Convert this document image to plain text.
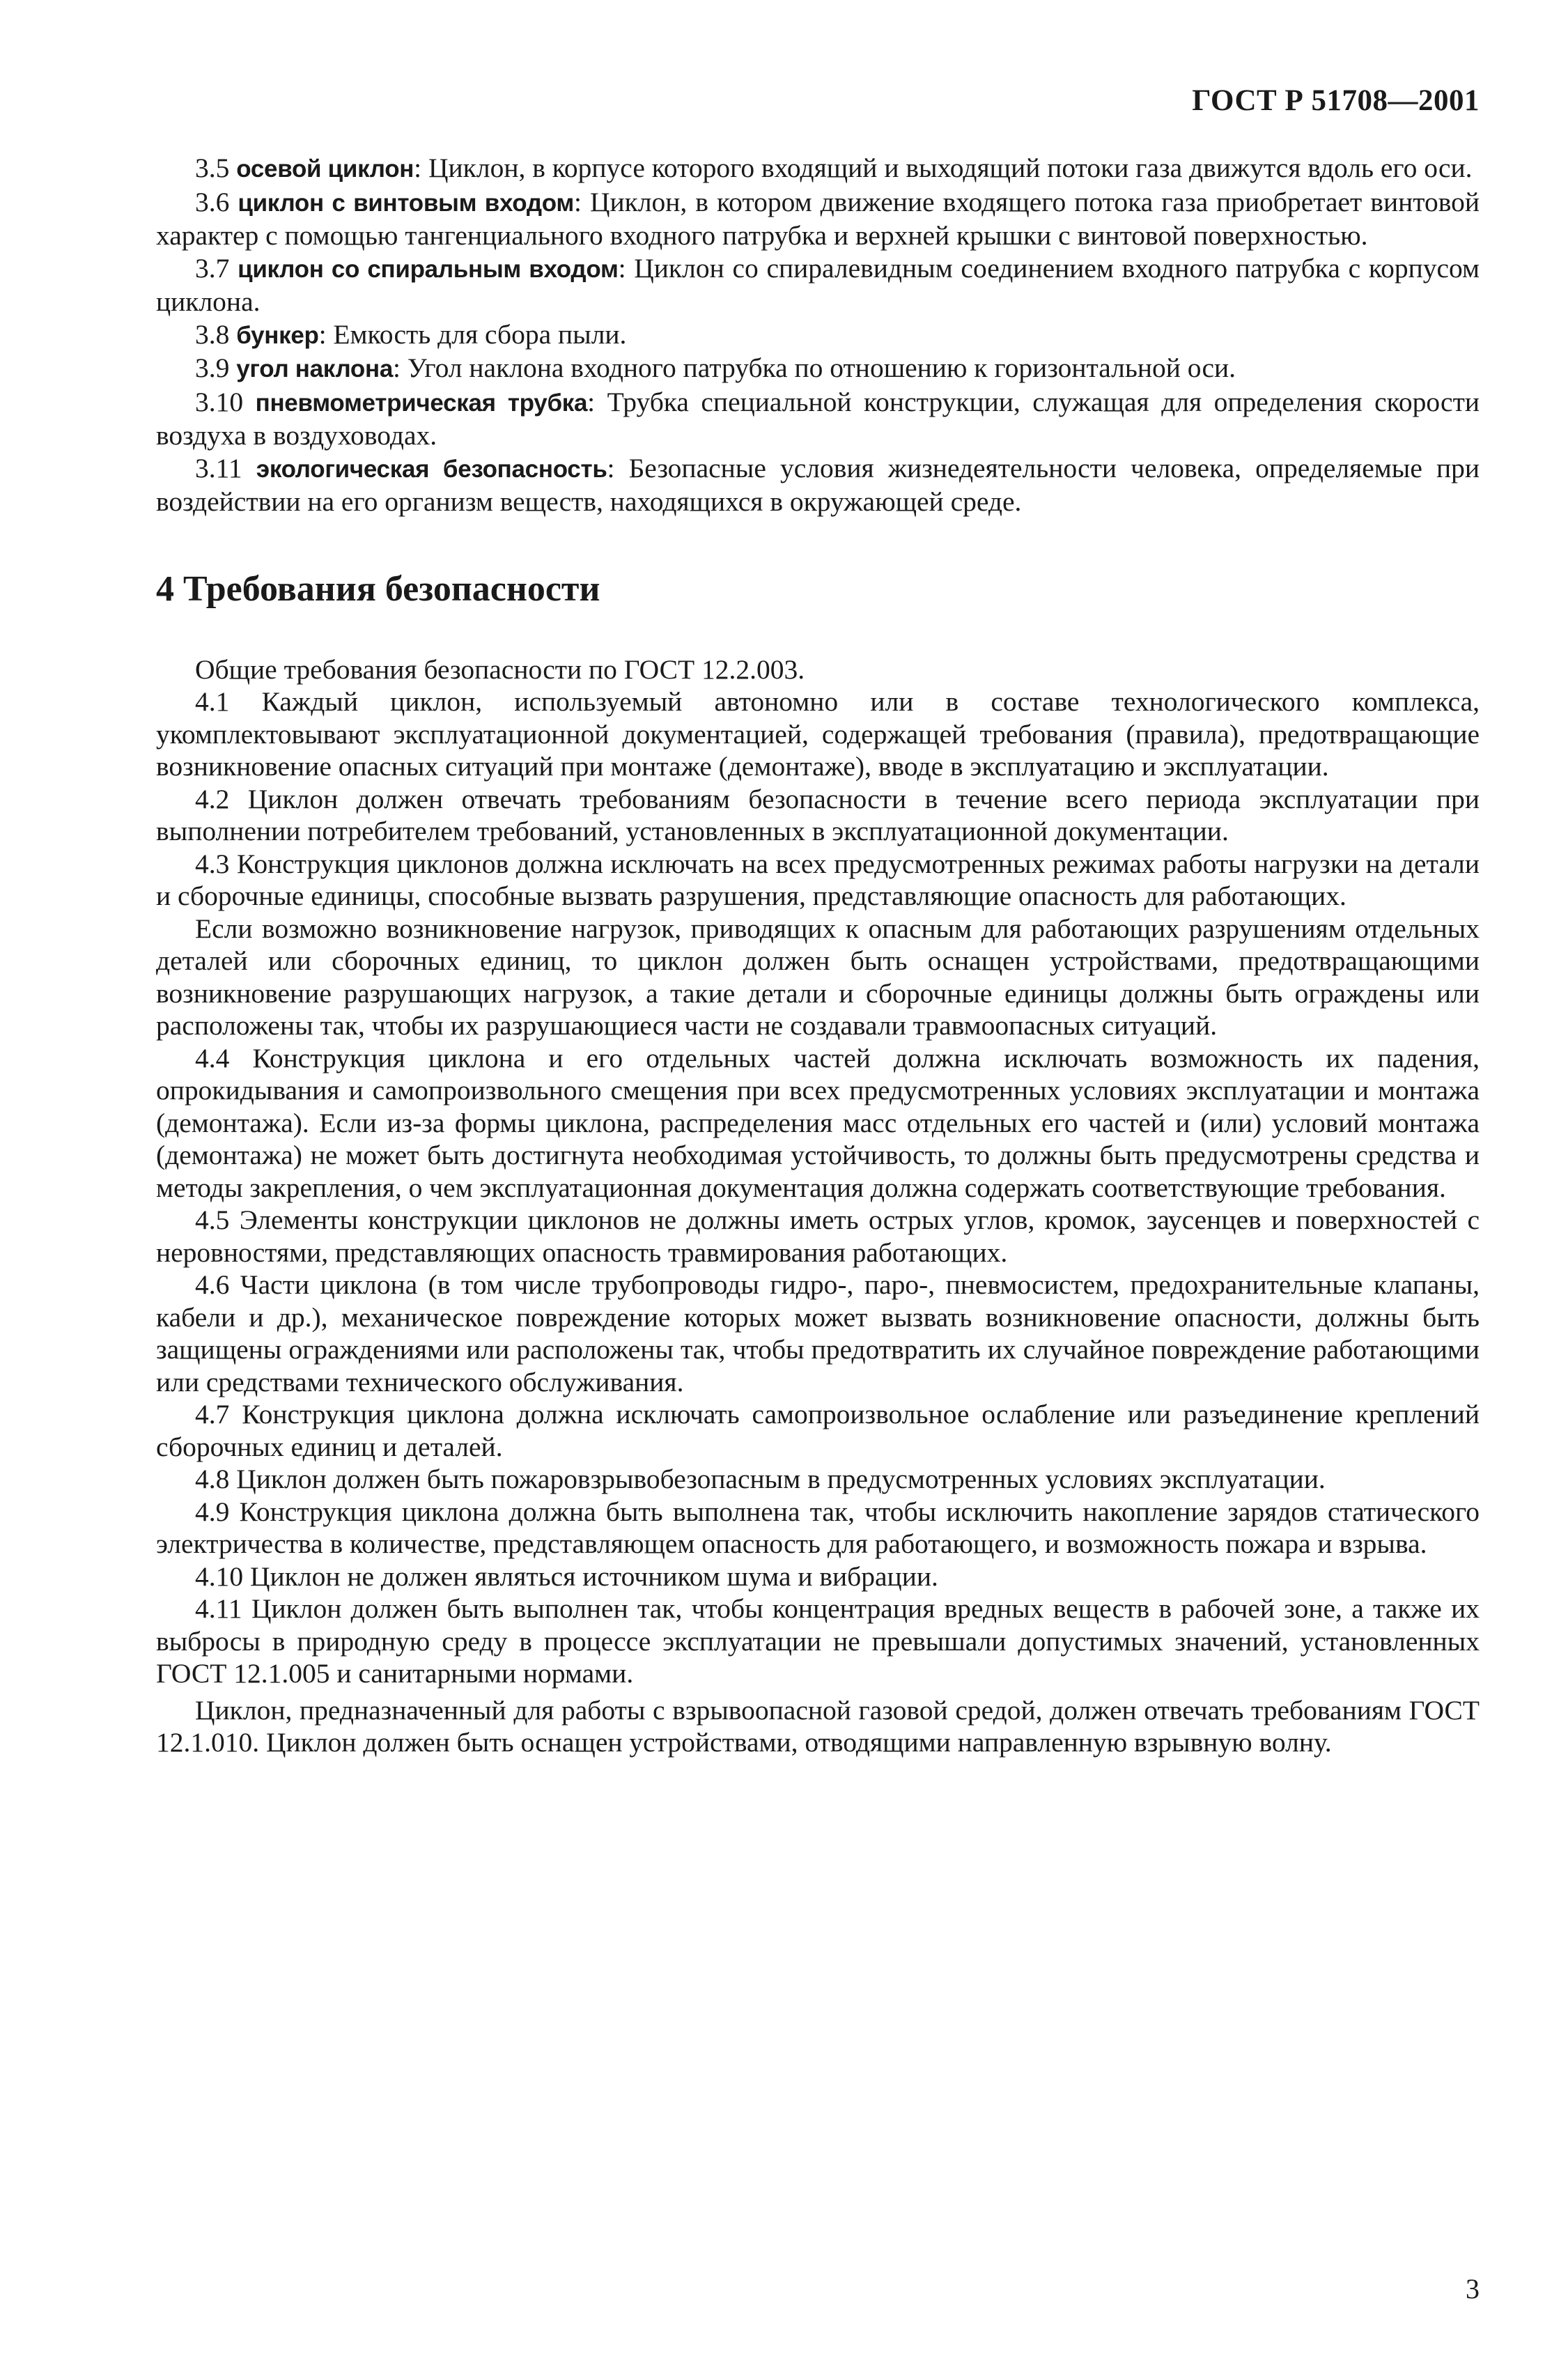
ГОСТ Р 51708—2001

3.5 осевой циклон: Циклон, в корпусе которого входящий и выходящий потоки газа движутся вдоль его оси.

3.6 циклон с винтовым входом: Циклон, в котором движение входящего потока газа приобретает винтовой характер с помощью тангенциального входного патрубка и верхней крышки с винтовой поверхностью.

3.7 циклон со спиральным входом: Циклон со спиралевидным соединением входного патрубка с корпусом циклона.

3.8 бункер: Емкость для сбора пыли.

3.9 угол наклона: Угол наклона входного патрубка по отношению к горизонтальной оси.

3.10 пневмометрическая трубка: Трубка специальной конструкции, служащая для определения скорости воздуха в воздуховодах.

3.11 экологическая безопасность: Безопасные условия жизнедеятельности человека, определяемые при воздействии на его организм веществ, находящихся в окружающей среде.

4 Требования безопасности

Общие требования безопасности по ГОСТ 12.2.003.

4.1 Каждый циклон, используемый автономно или в составе технологического комплекса, укомплектовывают эксплуатационной документацией, содержащей требования (правила), предотвращающие возникновение опасных ситуаций при монтаже (демонтаже), вводе в эксплуатацию и эксплуатации.

4.2 Циклон должен отвечать требованиям безопасности в течение всего периода эксплуатации при выполнении потребителем требований, установленных в эксплуатационной документации.

4.3 Конструкция циклонов должна исключать на всех предусмотренных режимах работы нагрузки на детали и сборочные единицы, способные вызвать разрушения, представляющие опасность для работающих.

Если возможно возникновение нагрузок, приводящих к опасным для работающих разрушениям отдельных деталей или сборочных единиц, то циклон должен быть оснащен устройствами, предотвращающими возникновение разрушающих нагрузок, а такие детали и сборочные единицы должны быть ограждены или расположены так, чтобы их разрушающиеся части не создавали травмоопасных ситуаций.

4.4 Конструкция циклона и его отдельных частей должна исключать возможность их падения, опрокидывания и самопроизвольного смещения при всех предусмотренных условиях эксплуатации и монтажа (демонтажа). Если из-за формы циклона, распределения масс отдельных его частей и (или) условий монтажа (демонтажа) не может быть достигнута необходимая устойчивость, то должны быть предусмотрены средства и методы закрепления, о чем эксплуатационная документация должна содержать соответствующие требования.

4.5 Элементы конструкции циклонов не должны иметь острых углов, кромок, заусенцев и поверхностей с неровностями, представляющих опасность травмирования работающих.

4.6 Части циклона (в том числе трубопроводы гидро-, паро-, пневмосистем, предохранительные клапаны, кабели и др.), механическое повреждение которых может вызвать возникновение опасности, должны быть защищены ограждениями или расположены так, чтобы предотвратить их случайное повреждение работающими или средствами технического обслуживания.

4.7 Конструкция циклона должна исключать самопроизвольное ослабление или разъединение креплений сборочных единиц и деталей.

4.8 Циклон должен быть пожаровзрывобезопасным в предусмотренных условиях эксплуатации.

4.9 Конструкция циклона должна быть выполнена так, чтобы исключить накопление зарядов статического электричества в количестве, представляющем опасность для работающего, и возможность пожара и взрыва.

4.10 Циклон не должен являться источником шума и вибрации.

4.11 Циклон должен быть выполнен так, чтобы концентрация вредных веществ в рабочей зоне, а также их выбросы в природную среду в процессе эксплуатации не превышали допустимых значений, установленных ГОСТ 12.1.005 и санитарными нормами.

Циклон, предназначенный для работы с взрывоопасной газовой средой, должен отвечать требованиям ГОСТ 12.1.010. Циклон должен быть оснащен устройствами, отводящими направленную взрывную волну.

3
